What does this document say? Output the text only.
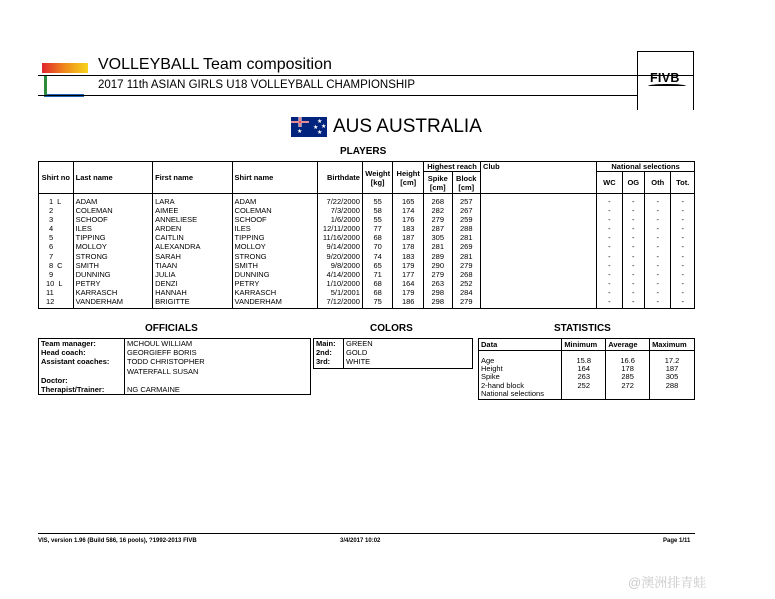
VOLLEYBALL Team composition
2017 11th ASIAN GIRLS U18 VOLLEYBALL CHAMPIONSHIP	FIVB
★
★
★ ★
★ AUS AUSTRALIA
PLAYERS
Shirt no	Last name	First name	Shirt name	Birthdate	Weight [kg]	Height [cm]	Highest reach		Club	National selections			
							Spike [cm]	Block [cm]		WC	OG	Oth	Tot.
1 L	ADAM	LARA	ADAM	7/22/2000	55	165	268	257		-	-	-	-
2	COLEMAN	AIMEE	COLEMAN	7/3/2000	58	174	282	267		-	-	-	-
3	SCHOOF	ANNELIESE	SCHOOF	1/6/2000	55	176	279	259		-	-	-	-
4	ILES	ARDEN	ILES	12/11/2000	77	183	287	288		-	-	-	-
5	TIPPING	CAITLIN	TIPPING	11/16/2000	68	187	305	281		-	-	-	-
6	MOLLOY	ALEXANDRA	MOLLOY	9/14/2000	70	178	281	269		-	-	-	-
7	STRONG	SARAH	STRONG	9/20/2000	74	183	289	281		-	-	-	-
8 C	SMITH	TIAAN	SMITH	9/8/2000	65	179	290	279		-	-	-	-
9	DUNNING	JULIA	DUNNING	4/14/2000	71	177	279	268		-	-	-	-
10 L	PETRY	DENZI	PETRY	1/10/2000	68	164	263	252		-	-	-	-
11	KARRASCH	HANNAH	KARRASCH	5/1/2001	68	179	298	284		-	-	-	-
12	VANDERHAM	BRIGITTE	VANDERHAM	7/12/2000	75	186	298	279		-	-	-	-
OFFICIALS
Team manager:	MCHOUL WILLIAM
Head coach:	GEORGIEFF BORIS
Assistant coaches:	TODD CHRISTOPHER
	WATERFALL SUSAN
Doctor:	
Therapist/Trainer:	NG CARMAINE
COLORS
Main:	GREEN
2nd:	GOLD
3rd:	WHITE

STATISTICS
Data	Minimum	Average	Maximum

Age	15.8	16.6	17.2
Height	164	178	187
Spike	263	285	305
2-hand block	252	272	288
National selections			
VIS, version 1.96 (Build 586, 16 pools), ?1992-2013 FIVB	3/4/2017 10:02	Page 1/11
@澳洲排青蛙
